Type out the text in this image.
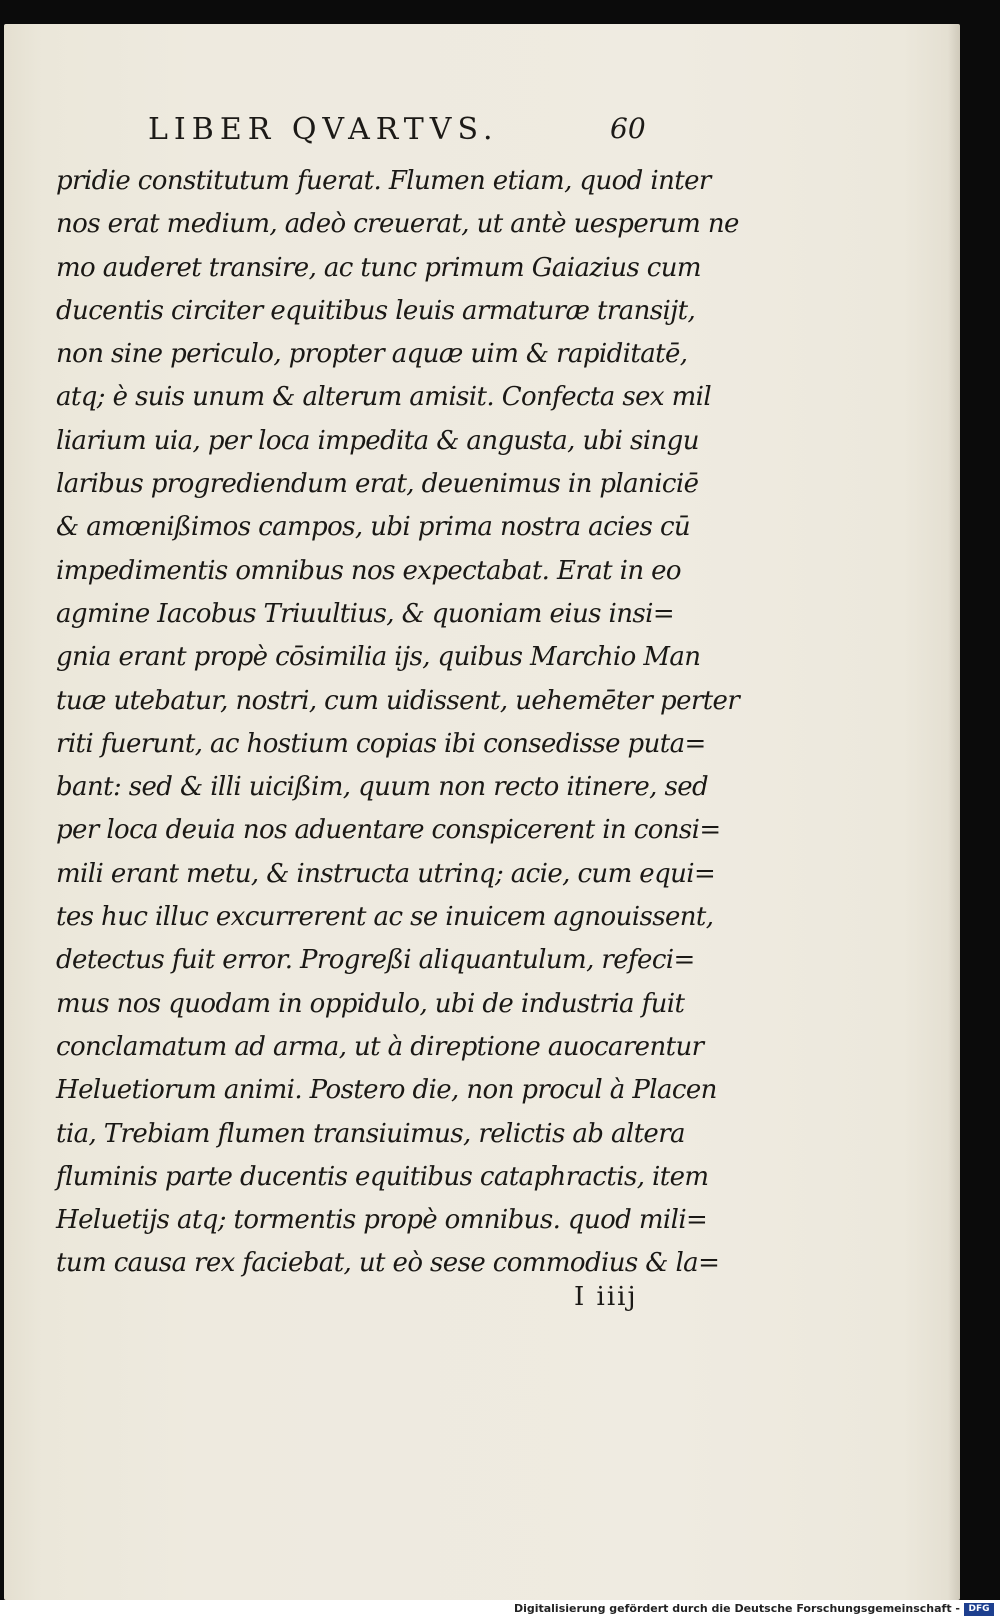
LIBER QVARTVS.	60
pridie constitutum fuerat. Flumen etiam, quod inter
nos erat medium, adeò creuerat, ut antè uesperum ne
mo auderet transire, ac tunc primum Gaiazius cum
ducentis circiter equitibus leuis armaturæ transijt,
non sine periculo, propter aquæ uim & rapiditatē,
atq; è suis unum & alterum amisit. Confecta sex mil
liarium uia, per loca impedita & angusta, ubi singu
laribus progrediendum erat, deuenimus in planiciē
& amœnißimos campos, ubi prima nostra acies cū
impedimentis omnibus nos expectabat. Erat in eo
agmine Iacobus Triuultius, & quoniam eius insi=
gnia erant propè cōsimilia ijs, quibus Marchio Man
tuæ utebatur, nostri, cum uidissent, uehemēter perter
riti fuerunt, ac hostium copias ibi consedisse puta=
bant: sed & illi uicißim, quum non recto itinere, sed
per loca deuia nos aduentare conspicerent in consi=
mili erant metu, & instructa utrinq; acie, cum equi=
tes huc illuc excurrerent ac se inuicem agnouissent,
detectus fuit error. Progreßi aliquantulum, refeci=
mus nos quodam in oppidulo, ubi de industria fuit
conclamatum ad arma, ut à direptione auocarentur
Heluetiorum animi. Postero die, non procul à Placen
tia, Trebiam flumen transiuimus, relictis ab altera
fluminis parte ducentis equitibus cataphractis, item
Heluetijs atq; tormentis propè omnibus. quod mili=
tum causa rex faciebat, ut eò sese commodius & la=
I iiij
Digitalisierung gefördert durch die Deutsche Forschungsgemeinschaft - DFG
